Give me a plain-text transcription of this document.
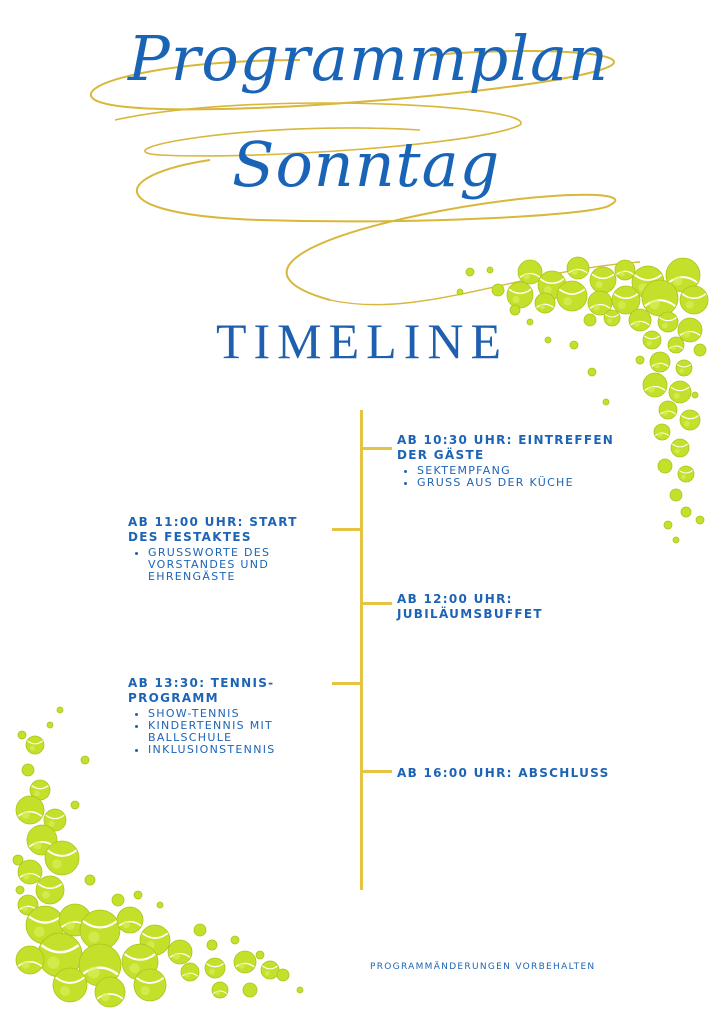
Programmplan
Sonntag
TIMELINE
AB 10:30 UHR: EINTREFFEN DER GÄSTE
• SEKTEMPFANG
• GRUSS AUS DER KÜCHE
AB 11:00 UHR: START DES FESTAKTES
• GRUSSWORTE DES VORSTANDES UND EHRENGÄSTE
AB 12:00 UHR: JUBILÄUMSBUFFET
AB 13:30: TENNIS-PROGRAMM
• SHOW-TENNIS
• KINDERTENNIS MIT BALLSCHULE
• INKLUSIONSTENNIS
AB 16:00 UHR: ABSCHLUSS
PROGRAMMÄNDERUNGEN VORBEHALTEN
